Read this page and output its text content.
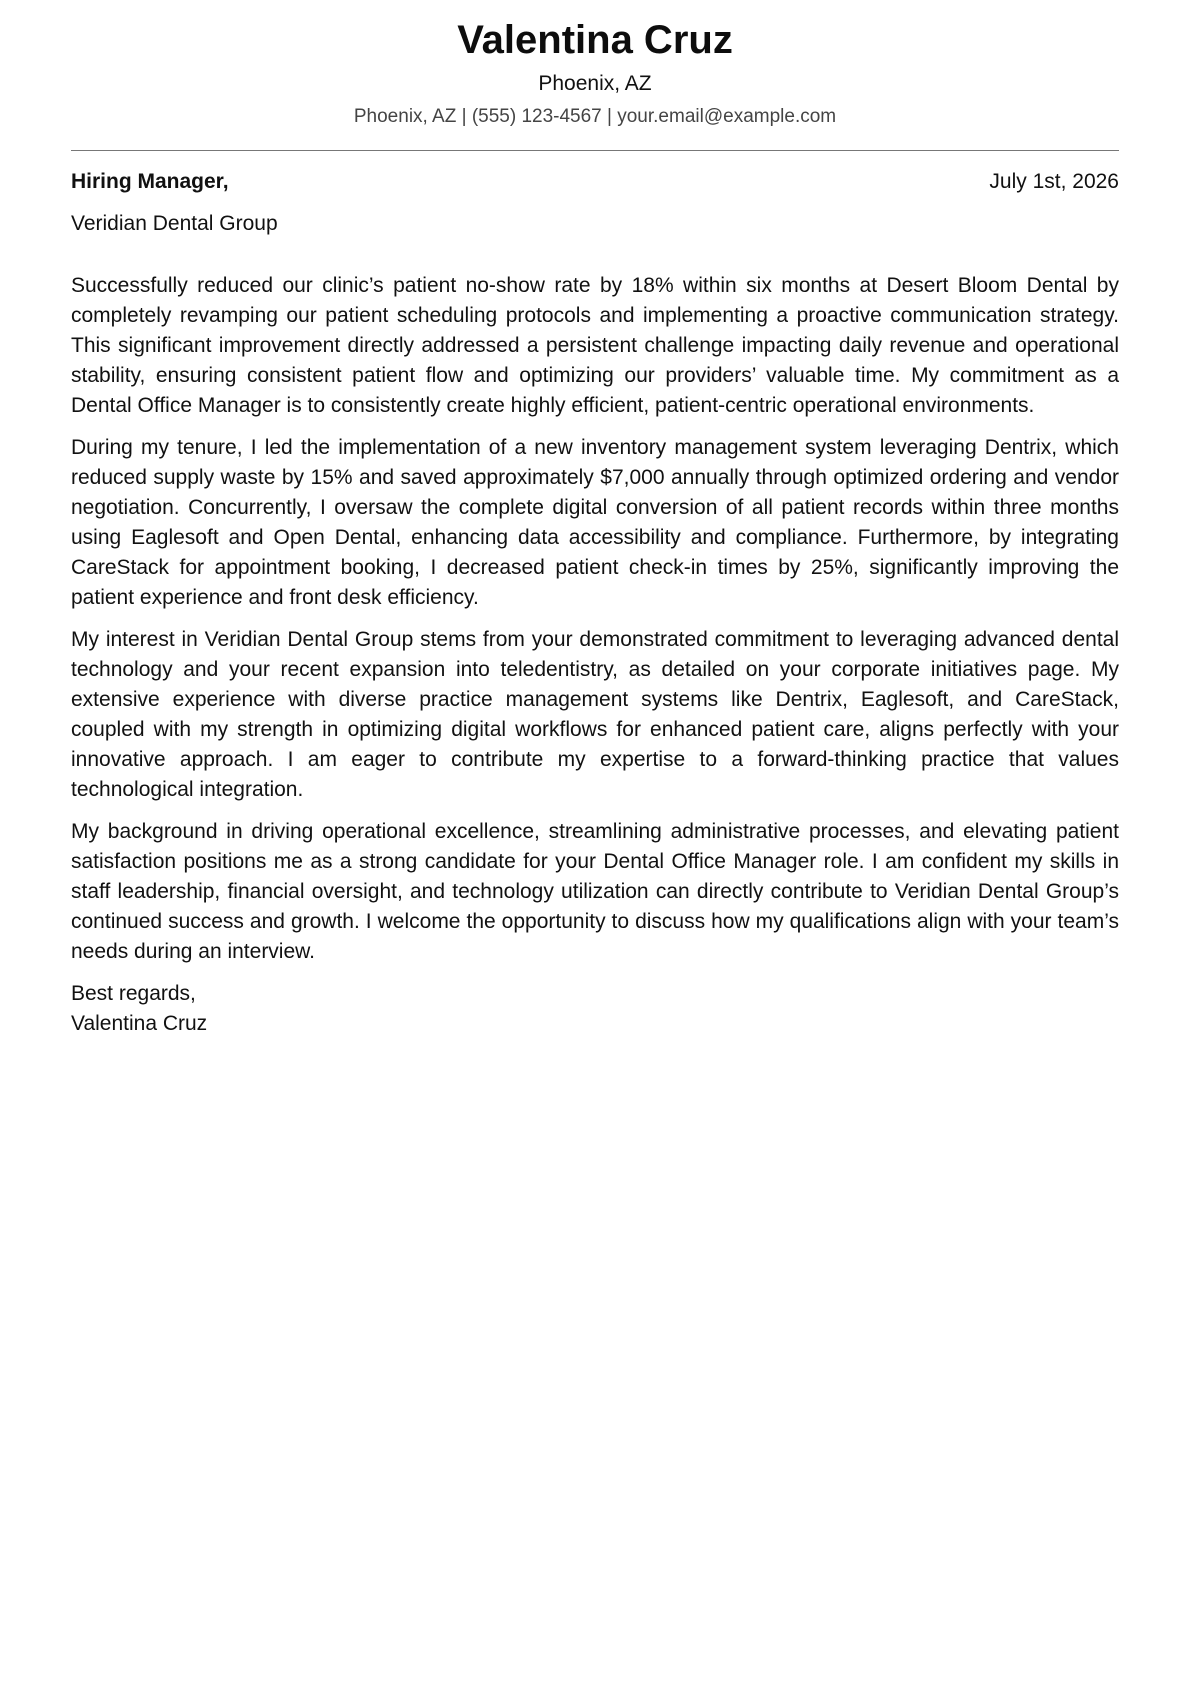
Valentina Cruz
Phoenix, AZ
Phoenix, AZ | (555) 123-4567 | your.email@example.com
Hiring Manager,	July 1st, 2026
Veridian Dental Group

Successfully reduced our clinic’s patient no-show rate by 18% within six months at Desert Bloom Dental by completely revamping our patient scheduling protocols and implementing a proactive communication strategy. This significant improvement directly addressed a persistent challenge impacting daily revenue and operational stability, ensuring consistent patient flow and optimizing our providers’ valuable time. My commitment as a Dental Office Manager is to consistently create highly efficient, patient-centric operational environments.

During my tenure, I led the implementation of a new inventory management system leveraging Dentrix, which reduced supply waste by 15% and saved approximately $7,000 annually through optimized ordering and vendor negotiation. Concurrently, I oversaw the complete digital conversion of all patient records within three months using Eaglesoft and Open Dental, enhancing data accessibility and compliance. Furthermore, by integrating CareStack for appointment booking, I decreased patient check-in times by 25%, significantly improving the patient experience and front desk efficiency.

My interest in Veridian Dental Group stems from your demonstrated commitment to leveraging advanced dental technology and your recent expansion into teledentistry, as detailed on your corporate initiatives page. My extensive experience with diverse practice management systems like Dentrix, Eaglesoft, and CareStack, coupled with my strength in optimizing digital workflows for enhanced patient care, aligns perfectly with your innovative approach. I am eager to contribute my expertise to a forward-thinking practice that values technological integration.

My background in driving operational excellence, streamlining administrative processes, and elevating patient satisfaction positions me as a strong candidate for your Dental Office Manager role. I am confident my skills in staff leadership, financial oversight, and technology utilization can directly contribute to Veridian Dental Group’s continued success and growth. I welcome the opportunity to discuss how my qualifications align with your team’s needs during an interview.

Best regards,
Valentina Cruz
